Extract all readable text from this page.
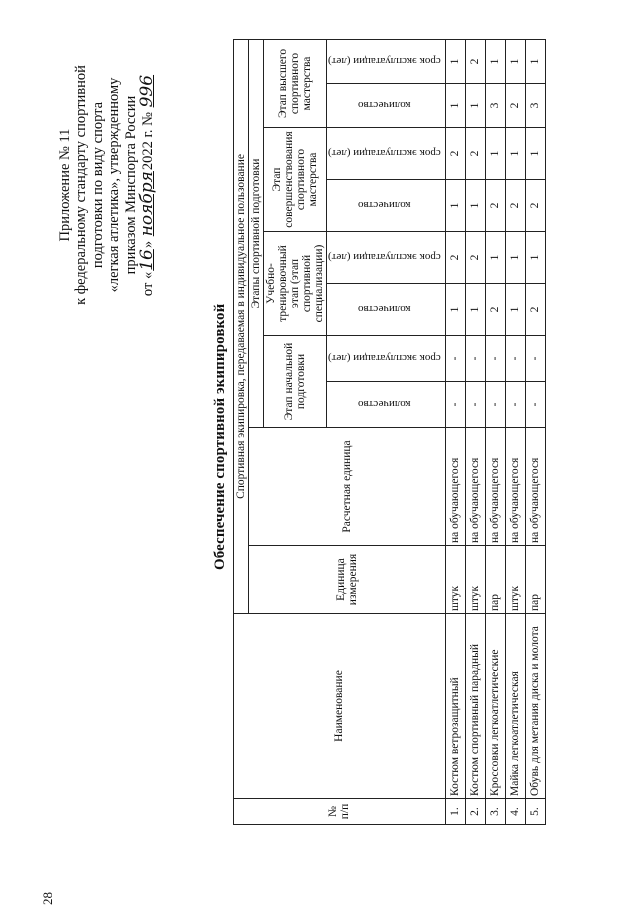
28
Обеспечение спортивной экипировкой
Приложение № 11 к федеральному стандарту спортивной подготовки по виду спорта «легкая атлетика», утвержденному приказом Минспорта России
от «16» ноября2022 г. № 996
№ п/п	Наименование	Спортивная экипировка, передаваемая в индивидуальное пользование									
		Единица измерения	Расчетная единица	Этапы спортивной подготовки							
				Этап начальной подготовки		Учебно-тренировочный этап (этап спортивной специализации)		Этап совершенствования спортивного мастерства		Этап высшего спортивного мастерства	
				количество	срок эксплуатации (лет)	количество	срок эксплуатации (лет)	количество	срок эксплуатации (лет)	количество	срок эксплуатации (лет)
1.	Костюм ветрозащитный	штук	на обучающегося	-	-	1	2	1	2	1	1
2.	Костюм спортивный парадный	штук	на обучающегося	-	-	1	2	1	2	1	2
3.	Кроссовки легкоатлетические	пар	на обучающегося	-	-	2	1	2	1	3	1
4.	Майка легкоатлетическая	штук	на обучающегося	-	-	1	1	2	1	2	1
5.	Обувь для метания диска и молота	пар	на обучающегося	-	-	2	1	2	1	3	1
